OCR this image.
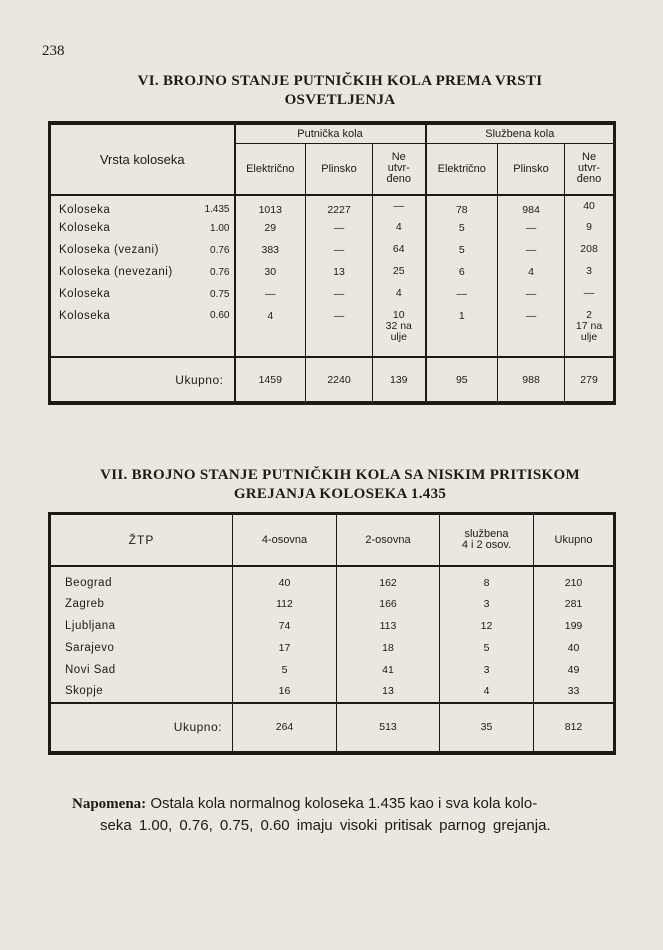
238
VI. BROJNO STANJE PUTNIČKIH KOLA PREMA VRSTI
OSVETLJENJA
Vrsta koloseka		Putnička kola			Službena kola		
		Električno	Plinsko	Ne
utvr-
đeno	Električno	Plinsko	Ne
utvr-
đeno

Koloseka	1.435	1013	2227	—	78	984	40

Koloseka	1.00	29	—	4	5	—	9

Koloseka (vezani)	0.76	383	—	64	5	—	208

Koloseka (nevezani)	0.76	30	13	25	6	4	3

Koloseka	0.75	—	—	4	—	—	—

Koloseka	0.60	4	—	10
32 na
ulje	1	—	2
17 na
ulje

Ukupno:		1459	2240	139	95	988	279
VII. BROJNO STANJE PUTNIČKIH KOLA SA NISKIM PRITISKOM
GREJANJA KOLOSEKA 1.435
ŽTP	4-osovna	2-osovna	službena
4 i 2 osov.	Ukupno
Beograd	40	162	8	210
Zagreb	112	166	3	281
Ljubljana	74	113	12	199
Sarajevo	17	18	5	40
Novi Sad	5	41	3	49
Skopje	16	13	4	33
Ukupno:	264	513	35	812
Napomena: Ostala kola normalnog koloseka 1.435 kao i sva kola kolo-
seka 1.00, 0.76, 0.75, 0.60 imaju visoki pritisak parnog grejanja.
